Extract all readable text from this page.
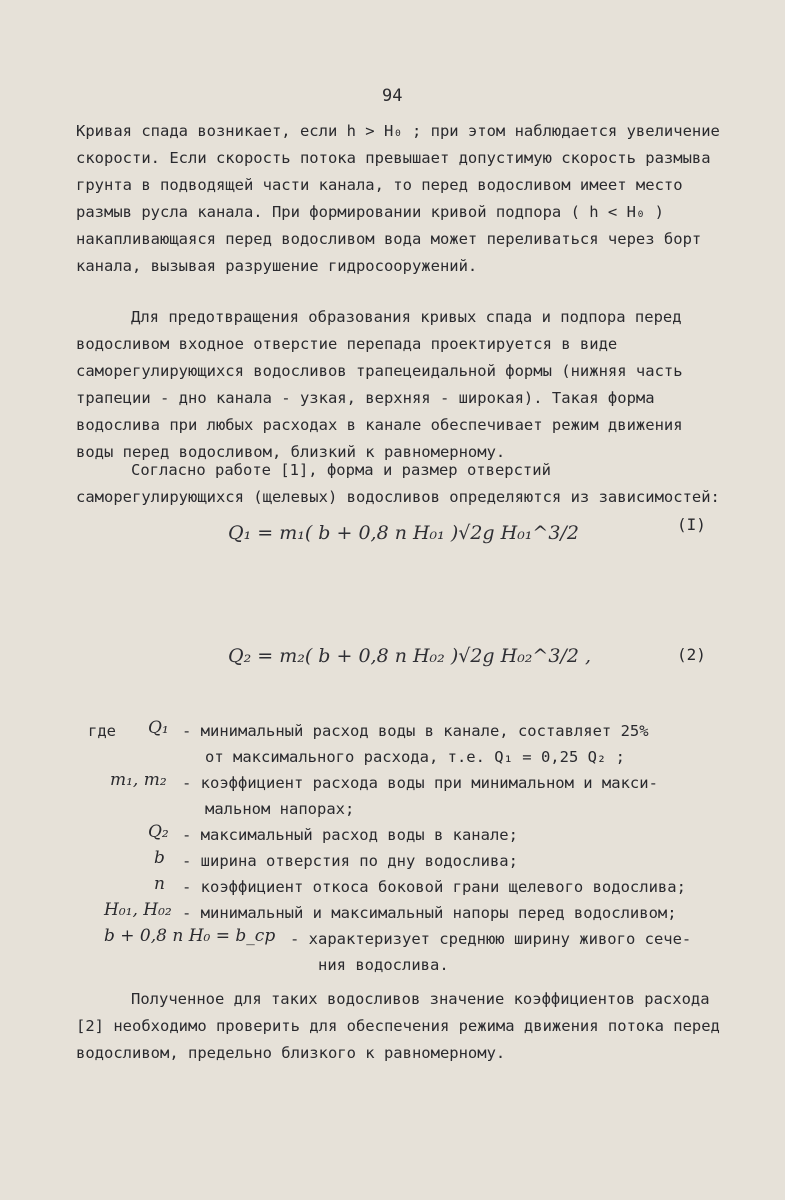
94

Кривая спада возникает, если h > H₀ ; при этом наблюдается увеличение скорости. Если скорость потока превышает допустимую скорость размыва грунта в подводящей части канала, то перед водосливом имеет место размыв русла канала. При формировании кривой подпора ( h < H₀ ) накапливающаяся перед водосливом вода может переливаться через борт канала, вызывая разрушение гидросооружений.

Для предотвращения образования кривых спада и подпора перед водосливом входное отверстие перепада проектируется в виде саморегулирующихся водосливов трапецеидальной формы (нижняя часть трапеции - дно канала - узкая, верхняя - широкая). Такая форма водослива при любых расходах в канале обеспечивает режим движения воды перед водосливом, близкий к равномерному.

Согласно работе [1], форма и размер отверстий саморегулирующихся (щелевых) водосливов определяются из зависимостей:

Q₁ = m₁( b + 0,8 n H₀₁ )√2g H₀₁^3/2	(I)
Q₂ = m₂( b + 0,8 n H₀₂ )√2g H₀₂^3/2 ,	(2)
где Q₁ - минимальный расход воды в канале, составляет 25%
от максимального расхода, т.е. Q₁ = 0,25 Q₂ ;
m₁, m₂ - коэффициент расхода воды при минимальном и макси-
мальном напорах;
Q₂ - максимальный расход воды в канале;
b - ширина отверстия по дну водослива;
n - коэффициент откоса боковой грани щелевого водослива;
H₀₁, H₀₂ - минимальный и максимальный напоры перед водосливом;
b + 0,8 n H₀ = b_cp - характеризует среднюю ширину живого сече-
ния водослива.

Полученное для таких водосливов значение коэффициентов расхода [2] необходимо проверить для обеспечения режима движения потока перед водосливом, предельно близкого к равномерному.
